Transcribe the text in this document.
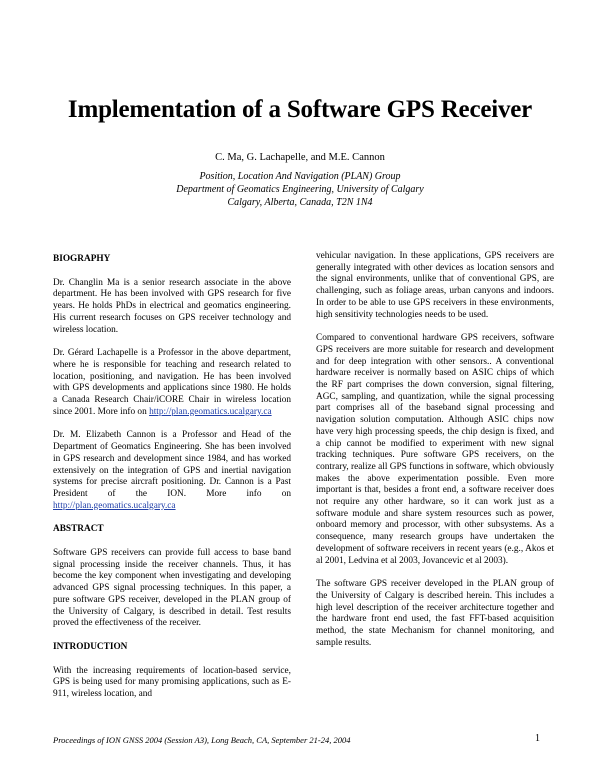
Implementation of a Software GPS Receiver
C. Ma, G. Lachapelle, and M.E. Cannon
Position, Location And Navigation (PLAN) Group
Department of Geomatics Engineering, University of Calgary
Calgary, Alberta, Canada, T2N 1N4
BIOGRAPHY

Dr. Changlin Ma is a senior research associate in the above department. He has been involved with GPS research for five years. He holds PhDs in electrical and geomatics engineering. His current research focuses on GPS receiver technology and wireless location.

Dr. Gérard Lachapelle is a Professor in the above department, where he is responsible for teaching and research related to location, positioning, and navigation. He has been involved with GPS developments and applications since 1980. He holds a Canada Research Chair/iCORE Chair in wireless location since 2001. More info on http://plan.geomatics.ucalgary.ca

Dr. M. Elizabeth Cannon is a Professor and Head of the Department of Geomatics Engineering. She has been involved in GPS research and development since 1984, and has worked extensively on the integration of GPS and inertial navigation systems for precise aircraft positioning. Dr. Cannon is a Past President of the ION. More info on http://plan.geomatics.ucalgary.ca

ABSTRACT

Software GPS receivers can provide full access to base band signal processing inside the receiver channels. Thus, it has become the key component when investigating and developing advanced GPS signal processing techniques. In this paper, a pure software GPS receiver, developed in the PLAN group of the University of Calgary, is described in detail. Test results proved the effectiveness of the receiver.

INTRODUCTION

With the increasing requirements of location-based service, GPS is being used for many promising applications, such as E-911, wireless location, and

vehicular navigation. In these applications, GPS receivers are generally integrated with other devices as location sensors and the signal environments, unlike that of conventional GPS, are challenging, such as foliage areas, urban canyons and indoors. In order to be able to use GPS receivers in these environments, high sensitivity technologies needs to be used.

Compared to conventional hardware GPS receivers, software GPS receivers are more suitable for research and development and for deep integration with other sensors.. A conventional hardware receiver is normally based on ASIC chips of which the RF part comprises the down conversion, signal filtering, AGC, sampling, and quantization, while the signal processing part comprises all of the baseband signal processing and navigation solution computation. Although ASIC chips now have very high processing speeds, the chip design is fixed, and a chip cannot be modified to experiment with new signal tracking techniques. Pure software GPS receivers, on the contrary, realize all GPS functions in software, which obviously makes the above experimentation possible. Even more important is that, besides a front end, a software receiver does not require any other hardware, so it can work just as a software module and share system resources such as power, onboard memory and processor, with other subsystems. As a consequence, many research groups have undertaken the development of software receivers in recent years (e.g., Akos et al 2001, Ledvina et al 2003, Jovancevic et al 2003).

The software GPS receiver developed in the PLAN group of the University of Calgary is described herein. This includes a high level description of the receiver architecture together and the hardware front end used, the fast FFT-based acquisition method, the state Mechanism for channel monitoring, and sample results.

Proceedings of ION GNSS 2004 (Session A3), Long Beach, CA, September 21-24, 2004	1
